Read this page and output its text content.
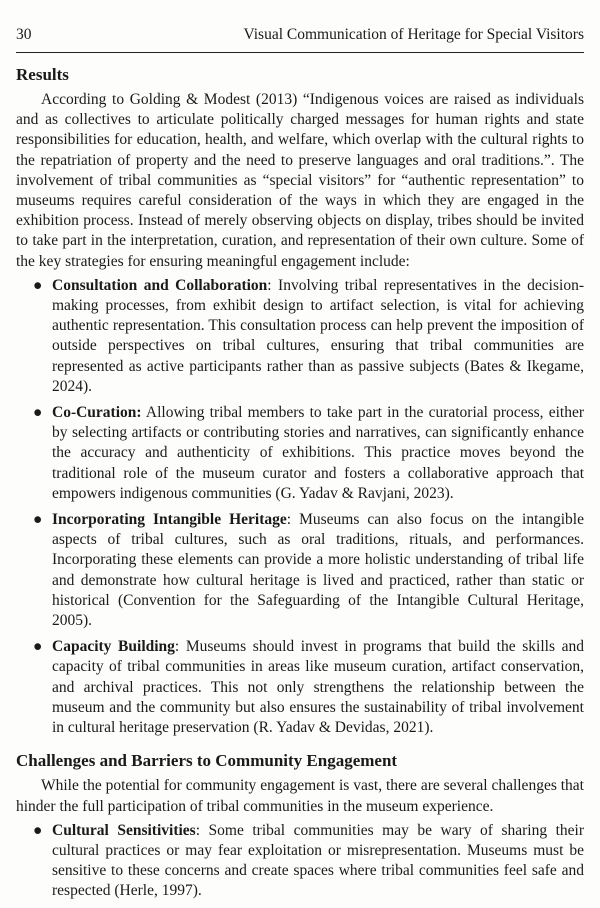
30	Visual Communication of Heritage for Special Visitors
Results

According to Golding & Modest (2013) “Indigenous voices are raised as individuals and as collectives to articulate politically charged messages for human rights and state responsibilities for education, health, and welfare, which overlap with the cultural rights to the repatriation of property and the need to preserve languages and oral traditions.”. The involvement of tribal communities as “special visitors” for “authentic representation” to museums requires careful consideration of the ways in which they are engaged in the exhibition process. Instead of merely observing objects on display, tribes should be invited to take part in the interpretation, curation, and representation of their own culture. Some of the key strategies for ensuring meaningful engagement include:

● Consultation and Collaboration: Involving tribal representatives in the decision-making processes, from exhibit design to artifact selection, is vital for achieving authentic representation. This consultation process can help prevent the imposition of outside perspectives on tribal cultures, ensuring that tribal communities are represented as active participants rather than as passive subjects (Bates & Ikegame, 2024).
● Co-Curation: Allowing tribal members to take part in the curatorial process, either by selecting artifacts or contributing stories and narratives, can significantly enhance the accuracy and authenticity of exhibitions. This practice moves beyond the traditional role of the museum curator and fosters a collaborative approach that empowers indigenous communities (G. Yadav & Ravjani, 2023).
● Incorporating Intangible Heritage: Museums can also focus on the intangible aspects of tribal cultures, such as oral traditions, rituals, and performances. Incorporating these elements can provide a more holistic understanding of tribal life and demonstrate how cultural heritage is lived and practiced, rather than static or historical (Convention for the Safeguarding of the Intangible Cultural Heritage, 2005).
● Capacity Building: Museums should invest in programs that build the skills and capacity of tribal communities in areas like museum curation, artifact conservation, and archival practices. This not only strengthens the relationship between the museum and the community but also ensures the sustainability of tribal involvement in cultural heritage preservation (R. Yadav & Devidas, 2021).
Challenges and Barriers to Community Engagement

While the potential for community engagement is vast, there are several challenges that hinder the full participation of tribal communities in the museum experience.

● Cultural Sensitivities: Some tribal communities may be wary of sharing their cultural practices or may fear exploitation or misrepresentation. Museums must be sensitive to these concerns and create spaces where tribal communities feel safe and respected (Herle, 1997).
